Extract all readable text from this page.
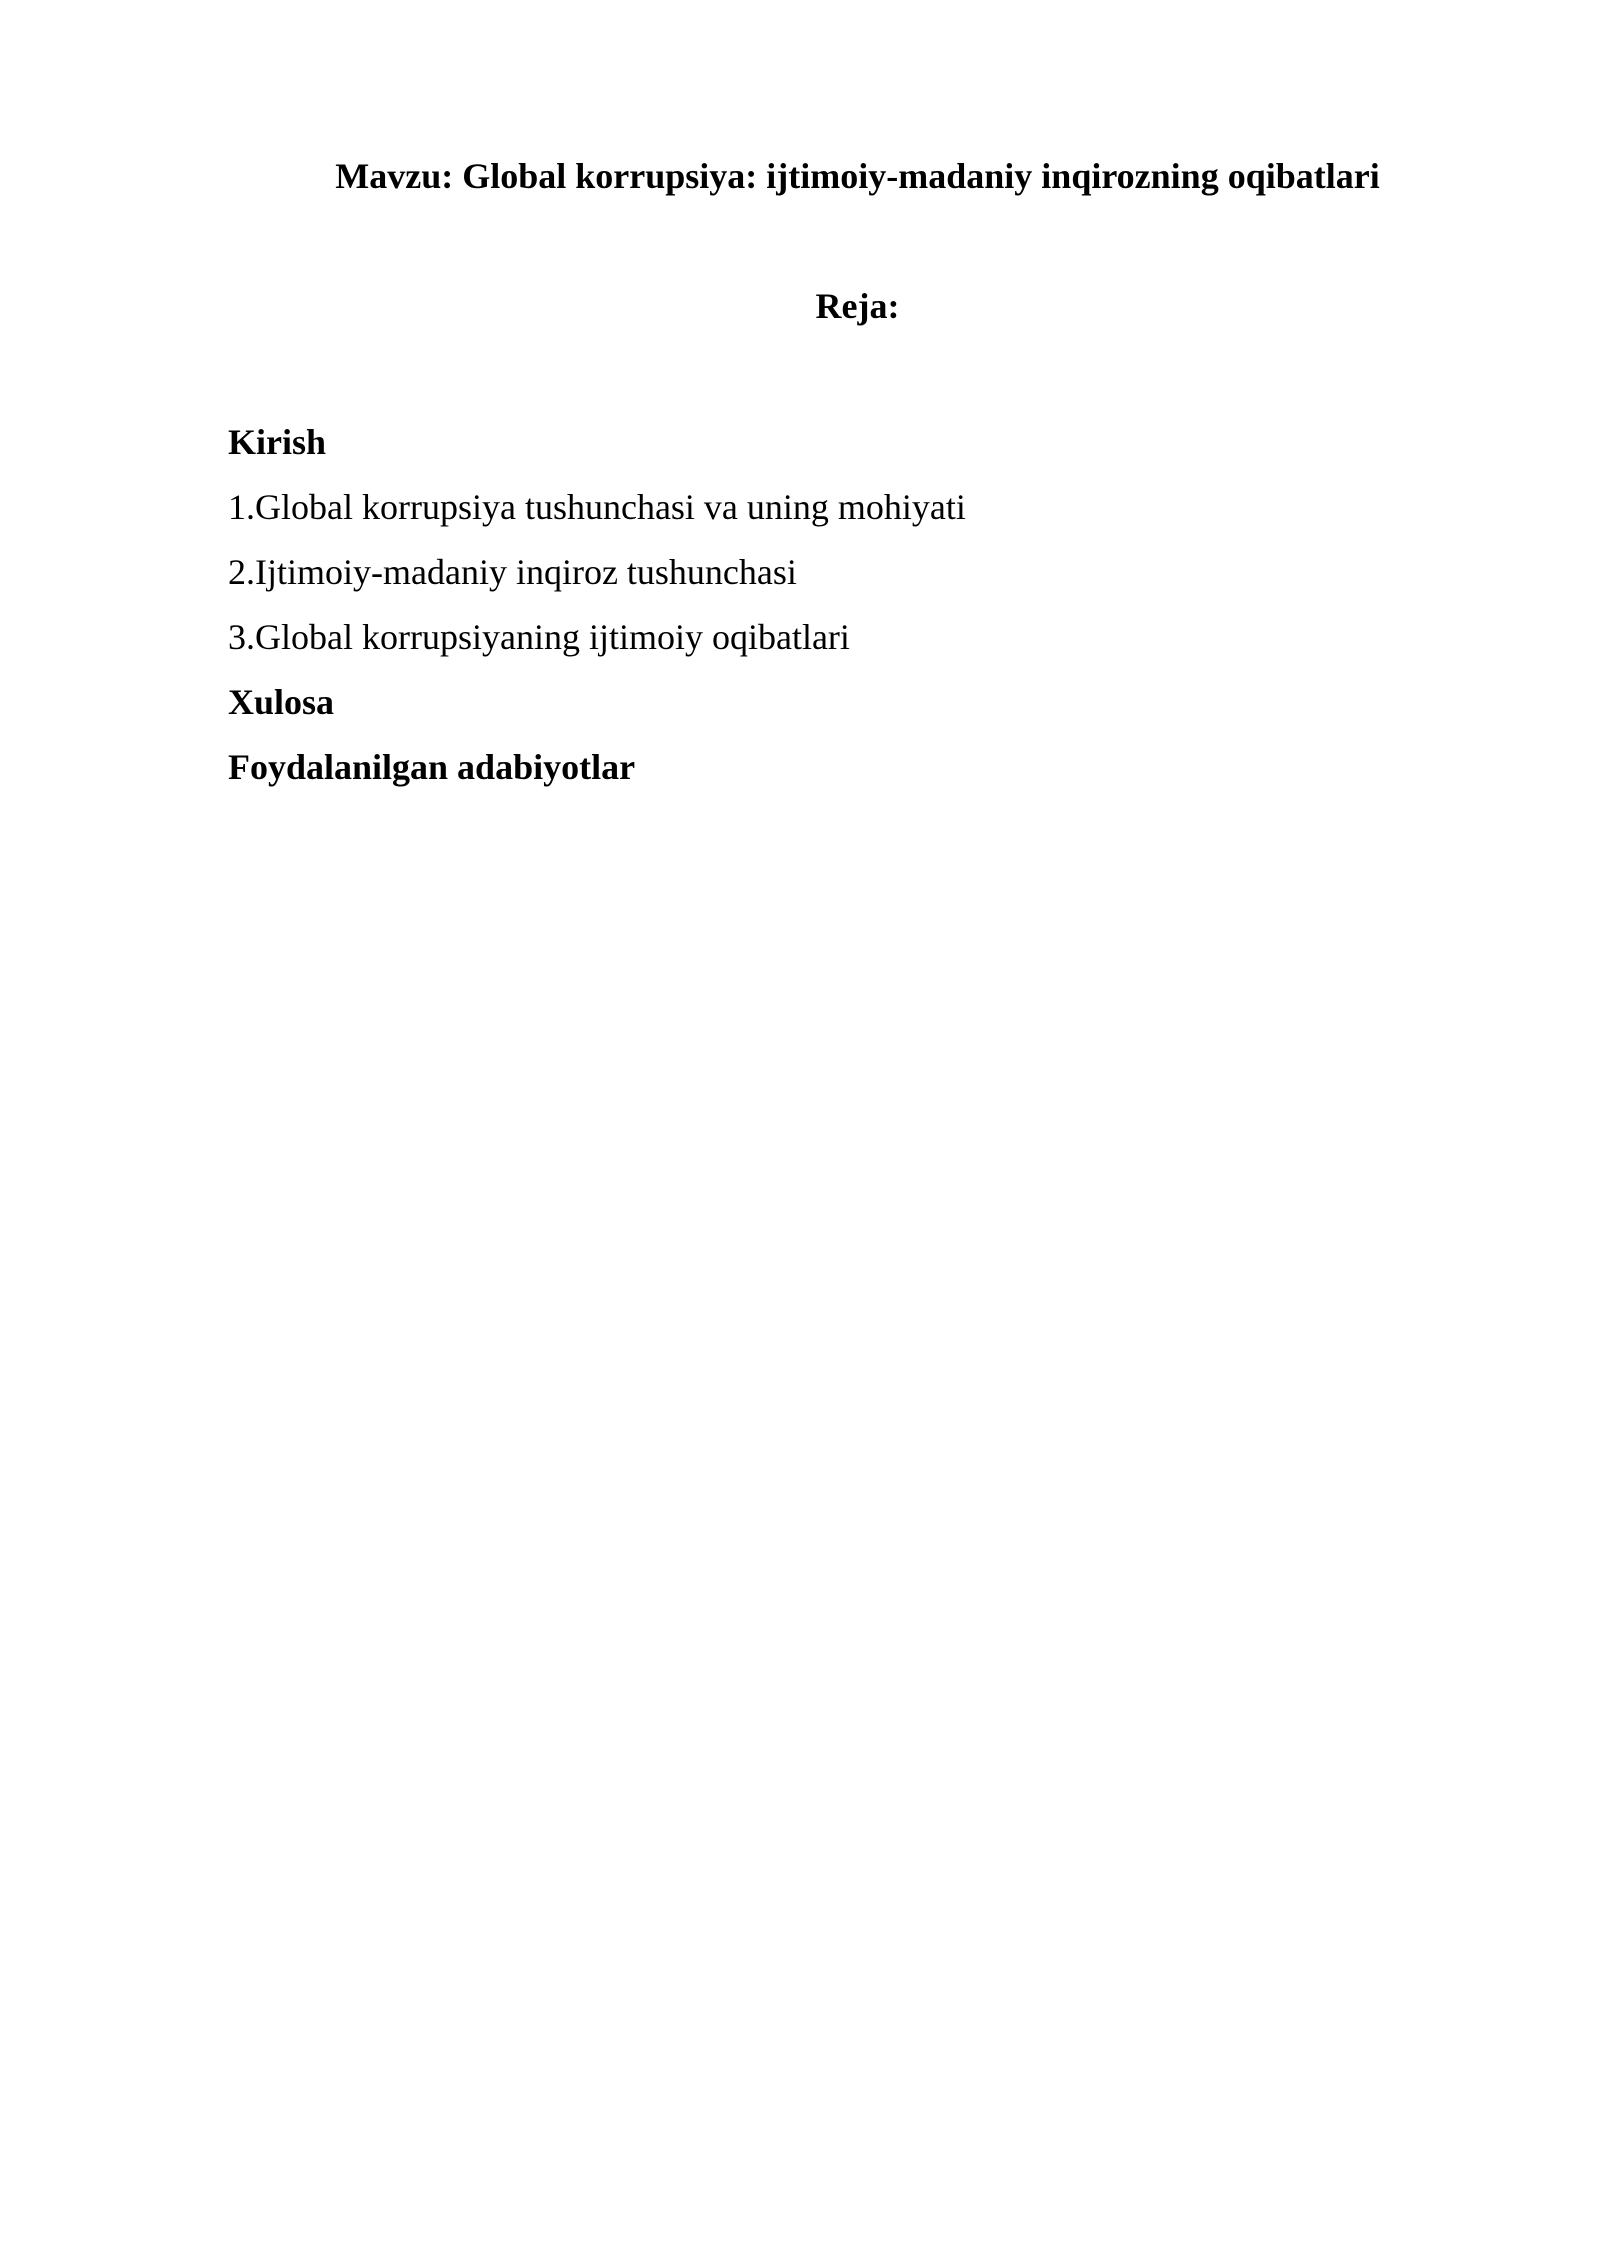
Mavzu: Global korrupsiya: ijtimoiy-madaniy inqirozning oqibatlari
Reja:
Kirish
1.Global korrupsiya tushunchasi va uning mohiyati
2.Ijtimoiy-madaniy inqiroz tushunchasi
3.Global korrupsiyaning ijtimoiy oqibatlari
Xulosa
Foydalanilgan adabiyotlar
